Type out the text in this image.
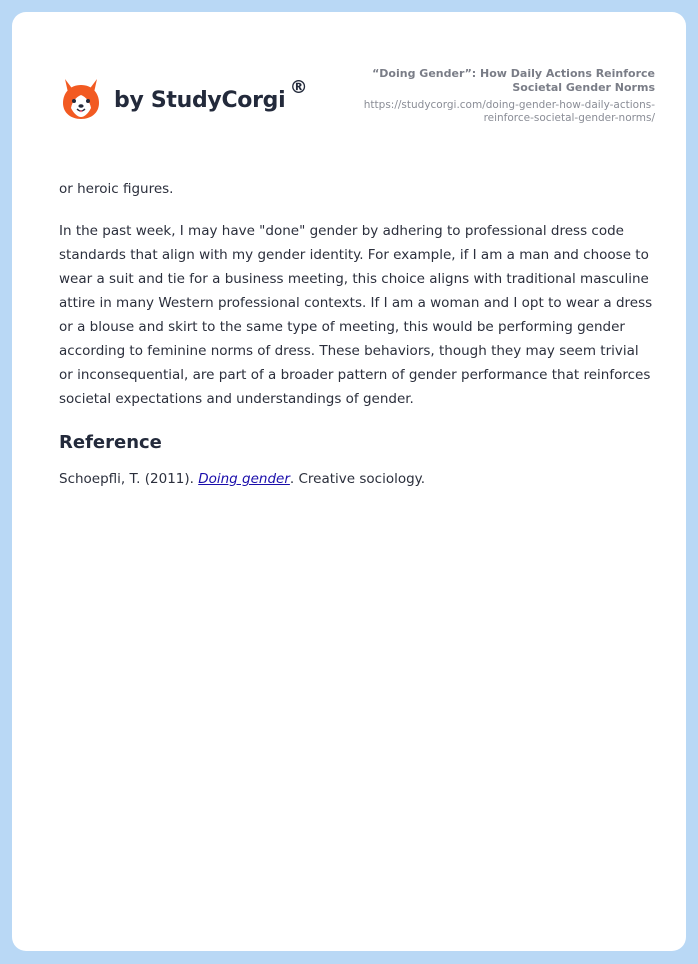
by StudyCorgi
®
“Doing Gender”: How Daily Actions Reinforce Societal Gender Norms
https://studycorgi.com/doing-gender-how-daily-actions-reinforce-societal-gender-norms/

or heroic figures.

In the past week, I may have "done" gender by adhering to professional dress code standards that align with my gender identity. For example, if I am a man and choose to wear a suit and tie for a business meeting, this choice aligns with traditional masculine attire in many Western professional contexts. If I am a woman and I opt to wear a dress or a blouse and skirt to the same type of meeting, this would be performing gender according to feminine norms of dress. These behaviors, though they may seem trivial or inconsequential, are part of a broader pattern of gender performance that reinforces societal expectations and understandings of gender.

Reference

Schoepfli, T. (2011). Doing gender. Creative sociology.
